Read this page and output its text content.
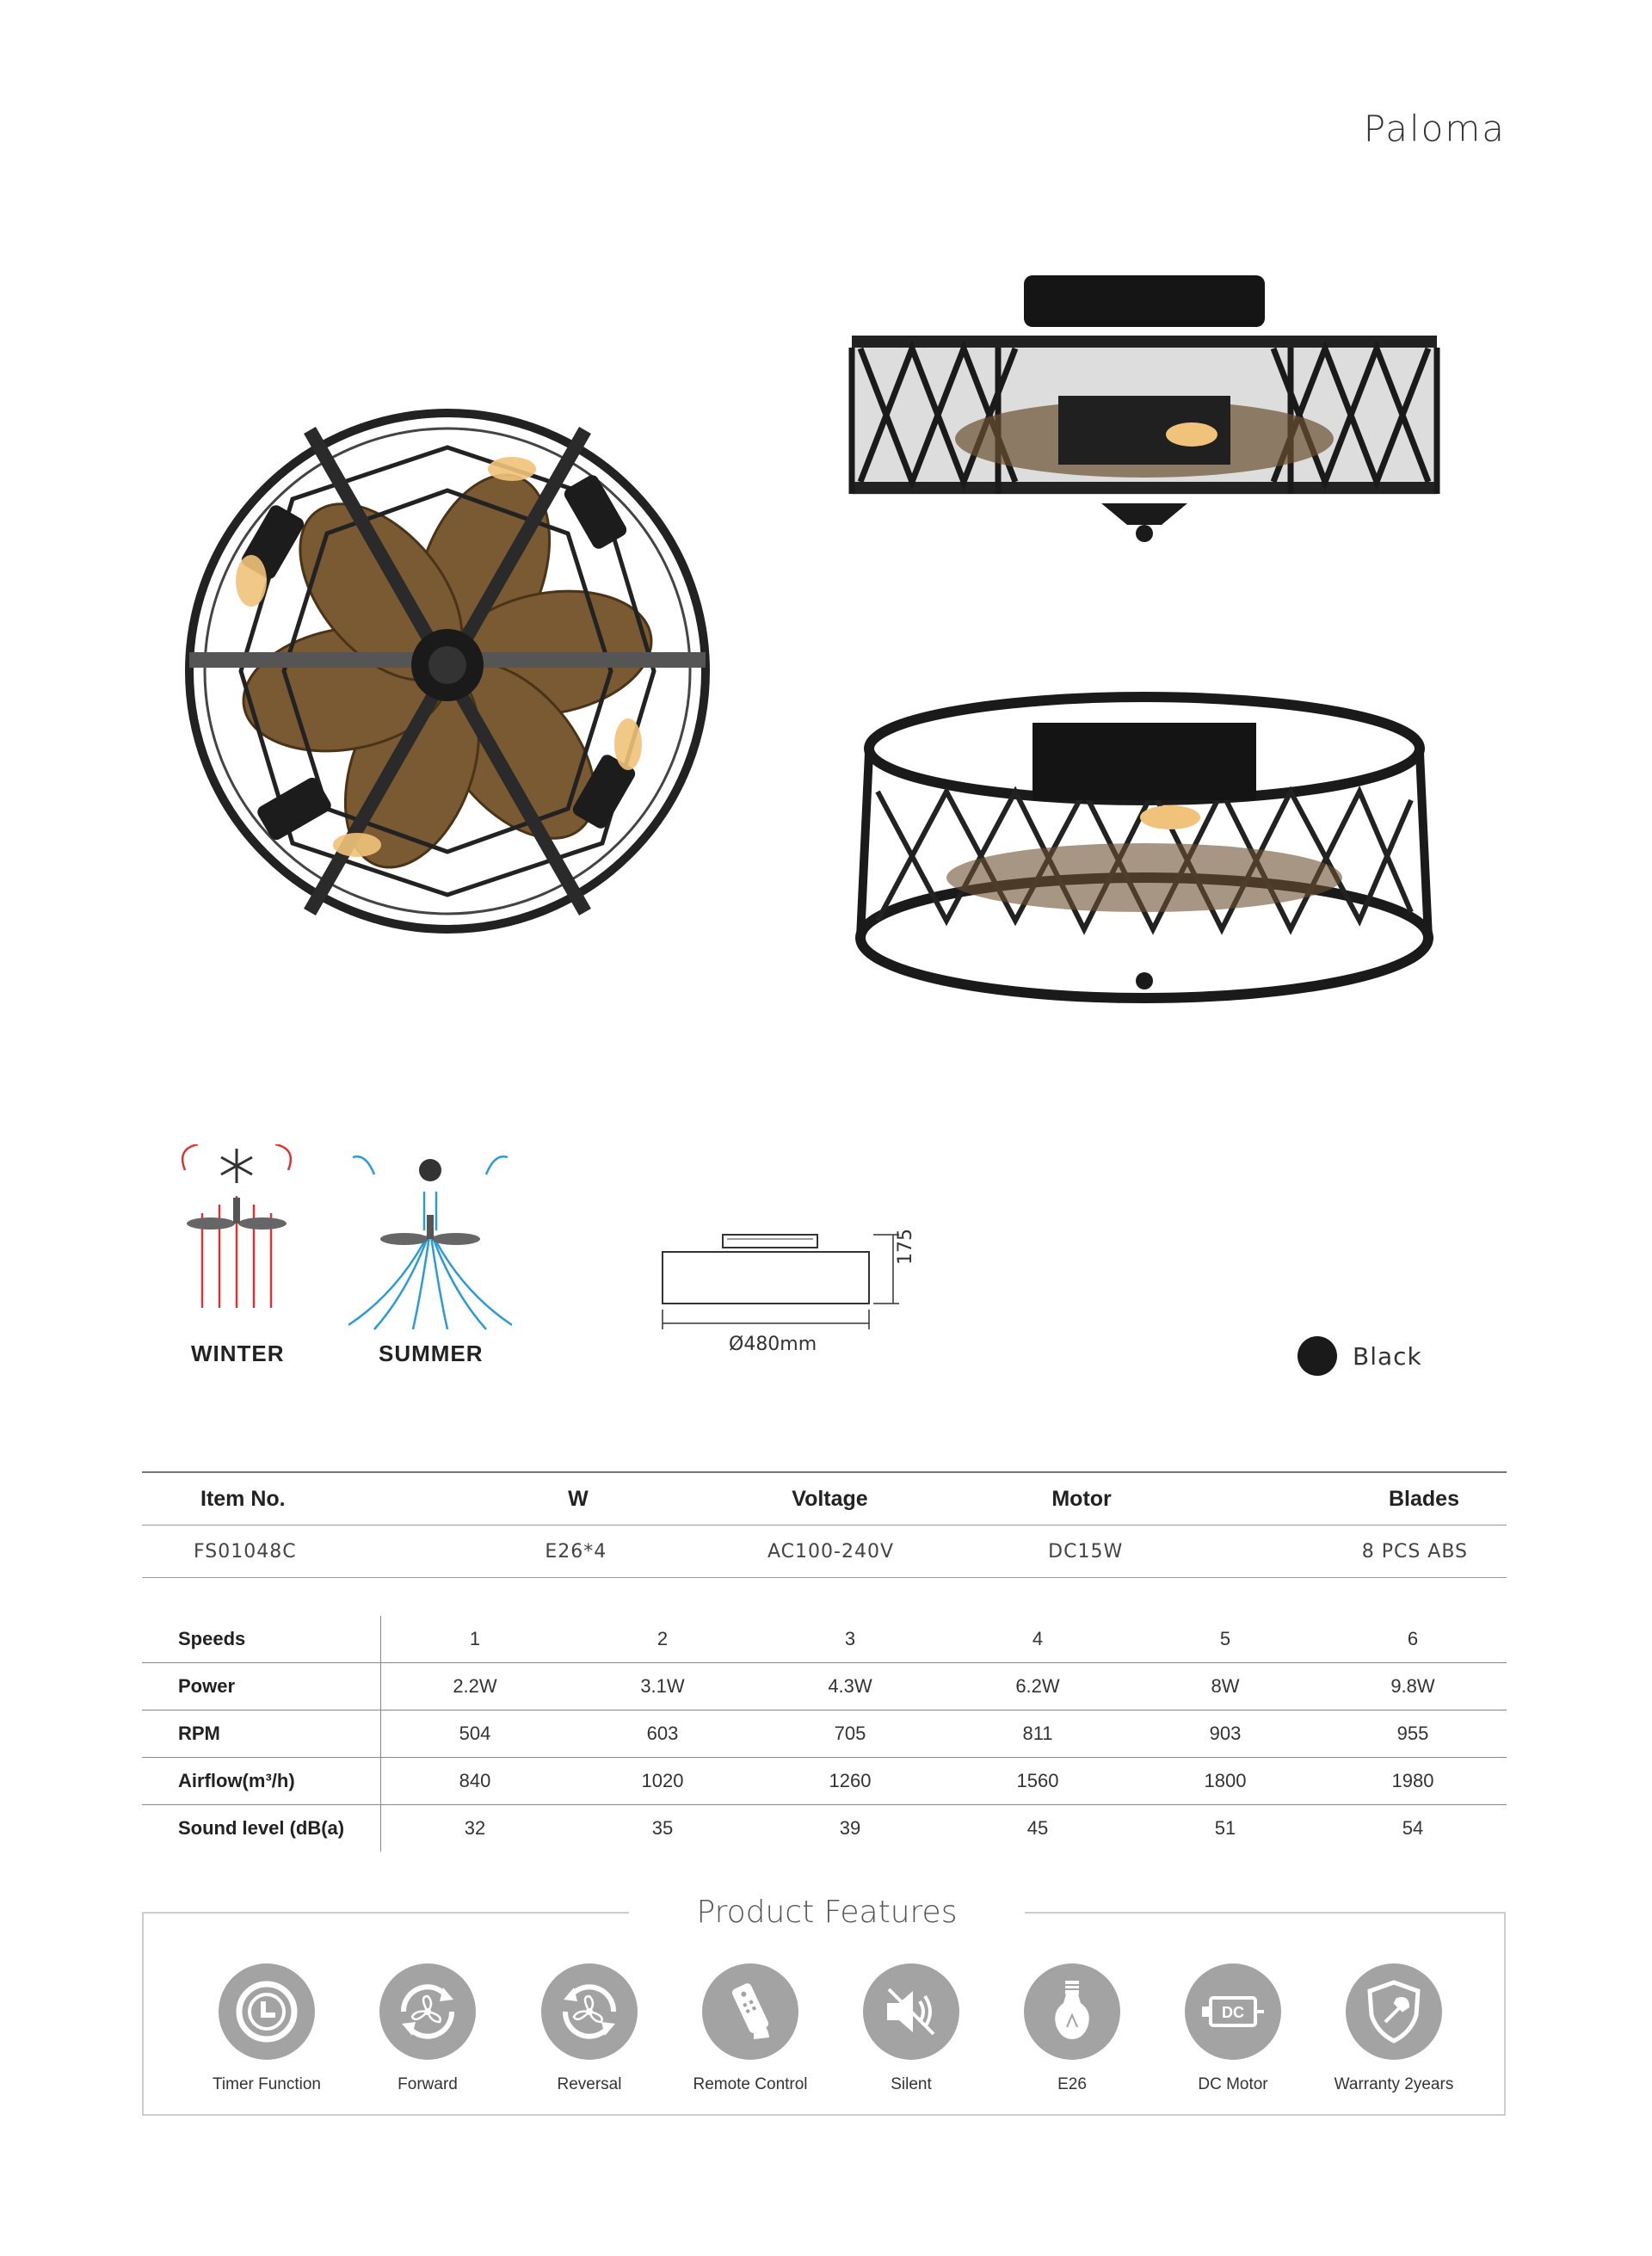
Paloma
WINTER	SUMMER	Ø480mm
175
Black
Item No.	W	Voltage	Motor	Blades
FS01048C	E26*4	AC100-240V	DC15W	8 PCS ABS
Speeds	1	2	3	4	5	6
Power	2.2W	3.1W	4.3W	6.2W	8W	9.8W
RPM	504	603	705	811	903	955
Airflow(m³/h)	840	1020	1260	1560	1800	1980
Sound level (dB(a)	32	35	39	45	51	54
Product Features
Timer Function	Forward	Reversal	Remote Control	Silent	E26
DC
DC Motor	Warranty 2years
